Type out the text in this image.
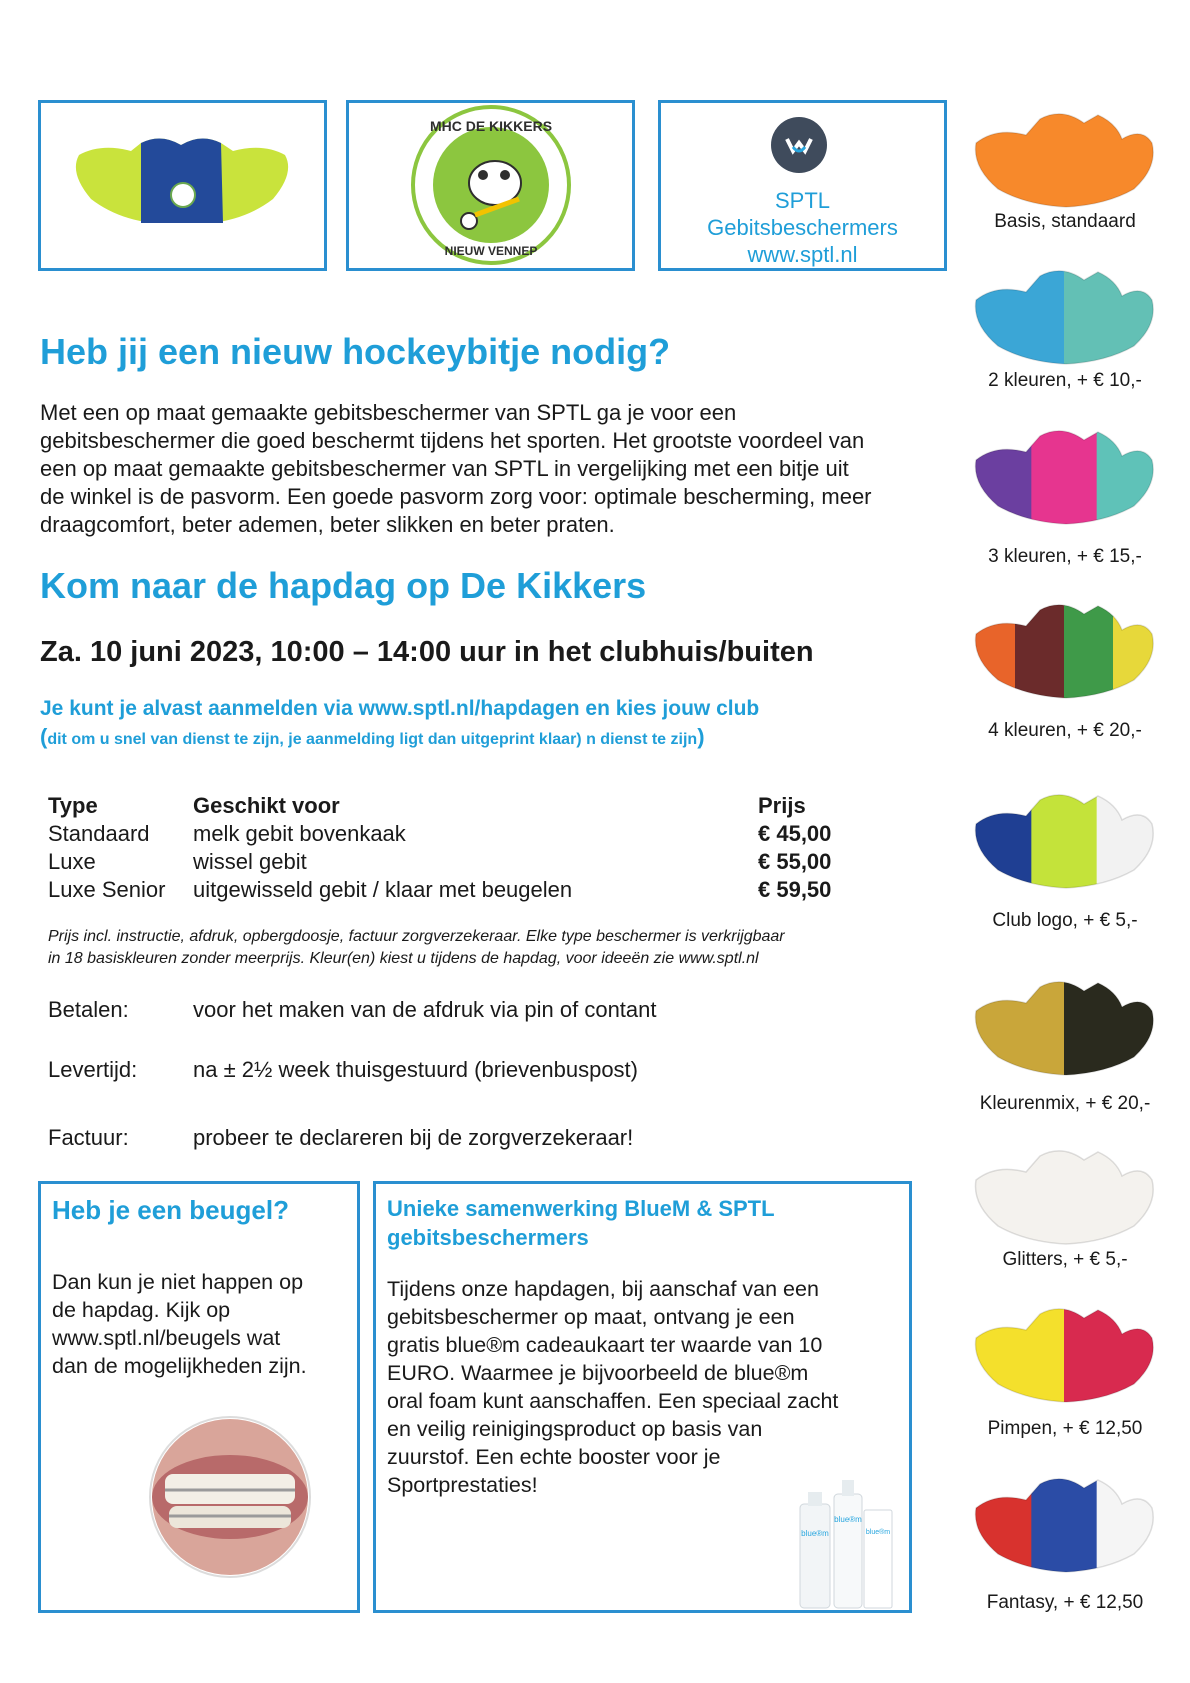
MHC DE KIKKERS
NIEUW VENNEP
SPTL
Gebitsbeschermers
www.sptl.nl
Heb jij een nieuw hockeybitje nodig?
Met een op maat gemaakte gebitsbeschermer van SPTL ga je voor een
gebitsbeschermer die goed beschermt tijdens het sporten. Het grootste voordeel van
een op maat gemaakte gebitsbeschermer van SPTL in vergelijking met een bitje uit
de winkel is de pasvorm. Een goede pasvorm zorg voor: optimale bescherming, meer
draagcomfort, beter ademen, beter slikken en beter praten.
Kom naar de hapdag op De Kikkers
Za. 10 juni 2023, 10:00 – 14:00 uur in het clubhuis/buiten
Je kunt je alvast aanmelden via www.sptl.nl/hapdagen en kies jouw club
(dit om u snel van dienst te zijn, je aanmelding ligt dan uitgeprint klaar) n dienst te zijn)
Type	Geschikt voor	Prijs
Standaard	melk gebit bovenkaak	€ 45,00
Luxe	wissel gebit	€ 55,00
Luxe Senior	uitgewisseld gebit / klaar met beugelen	€ 59,50
Prijs incl. instructie, afdruk, opbergdoosje, factuur zorgverzekeraar. Elke type beschermer is verkrijgbaar
in 18 basiskleuren zonder meerprijs. Kleur(en) kiest u tijdens de hapdag, voor ideeën zie www.sptl.nl
Betalen:	voor het maken van de afdruk via pin of contant
Levertijd:	na ± 2½ week thuisgestuurd (brievenbuspost)
Factuur:	probeer te declareren bij de zorgverzekeraar!
Heb je een beugel?
Dan kun je niet happen op
de hapdag. Kijk op
www.sptl.nl/beugels wat
dan de mogelijkheden zijn.
Unieke samenwerking BlueM & SPTL
gebitsbeschermers
Tijdens onze hapdagen, bij aanschaf van een
gebitsbeschermer op maat, ontvang je een
gratis blue®m cadeaukaart ter waarde van 10
EURO. Waarmee je bijvoorbeeld de blue®m
oral foam kunt aanschaffen. Een speciaal zacht
en veilig reinigingsproduct op basis van
zuurstof. Een echte booster voor je
Sportprestaties!
blue®m
blue®m
blue®m
Basis, standaard
2 kleuren, + € 10,-
3 kleuren, + € 15,-
4 kleuren, + € 20,-
Club logo, + € 5,-
Kleurenmix, + € 20,-
Glitters, + € 5,-
Pimpen, + € 12,50
Fantasy, + € 12,50
